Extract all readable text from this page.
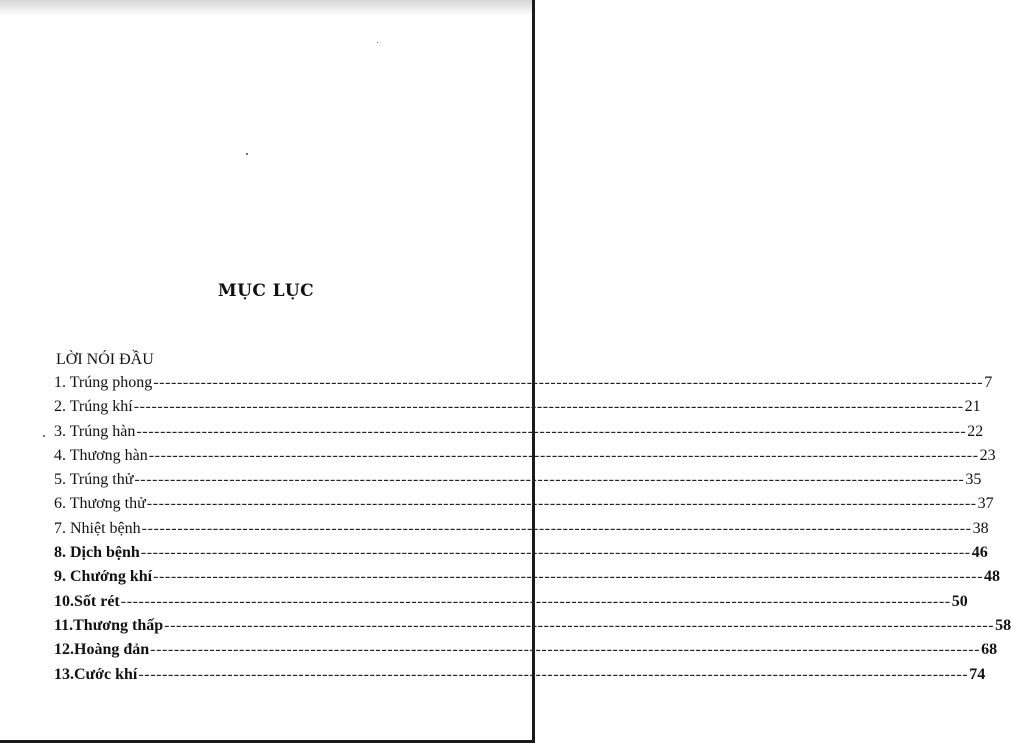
MỤC LỤC
LỜI NÓI ĐẦU
1. Trúng phong -------------------------------------------------------------------------------------------------------------------------------------------- 7
2. Trúng khí -------------------------------------------------------------------------------------------------------------------------------------------- 21
3. Trúng hàn -------------------------------------------------------------------------------------------------------------------------------------------- 22
4. Thương hàn -------------------------------------------------------------------------------------------------------------------------------------------- 23
5. Trúng thử -------------------------------------------------------------------------------------------------------------------------------------------- 35
6. Thương thử -------------------------------------------------------------------------------------------------------------------------------------------- 37
7. Nhiệt bệnh -------------------------------------------------------------------------------------------------------------------------------------------- 38
8. Dịch bệnh -------------------------------------------------------------------------------------------------------------------------------------------- 46
9. Chướng khí -------------------------------------------------------------------------------------------------------------------------------------------- 48
10.Sốt rét -------------------------------------------------------------------------------------------------------------------------------------------- 50
11.Thương thấp -------------------------------------------------------------------------------------------------------------------------------------------- 58
12.Hoàng đản -------------------------------------------------------------------------------------------------------------------------------------------- 68
13.Cước khí -------------------------------------------------------------------------------------------------------------------------------------------- 74
